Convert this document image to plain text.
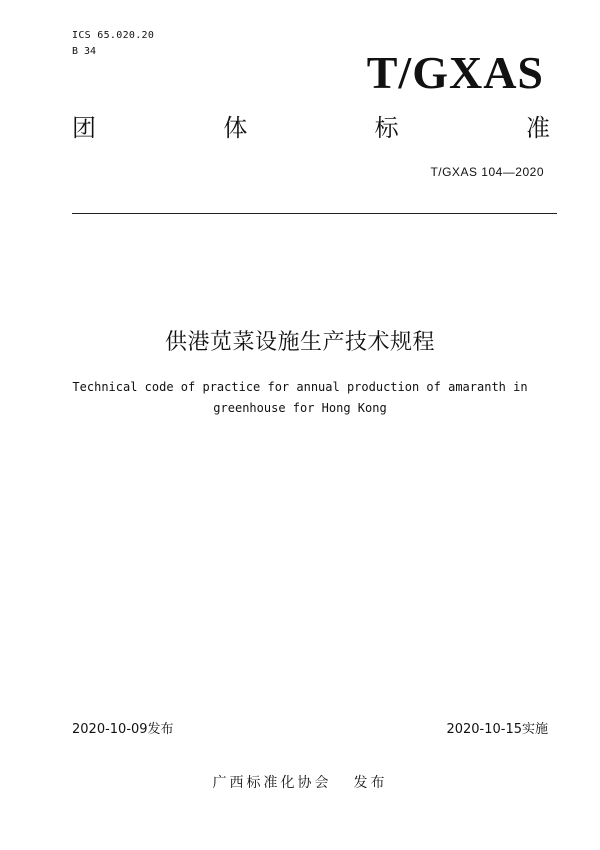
ICS 65.020.20
B 34	T/GXAS
团	体	标	准
T/GXAS 104—2020
供港苋菜设施生产技术规程
Technical code of practice for annual production of amaranth in
greenhouse for Hong Kong
2020-10-09发布	2020-10-15实施
广西标准化协会 发布
